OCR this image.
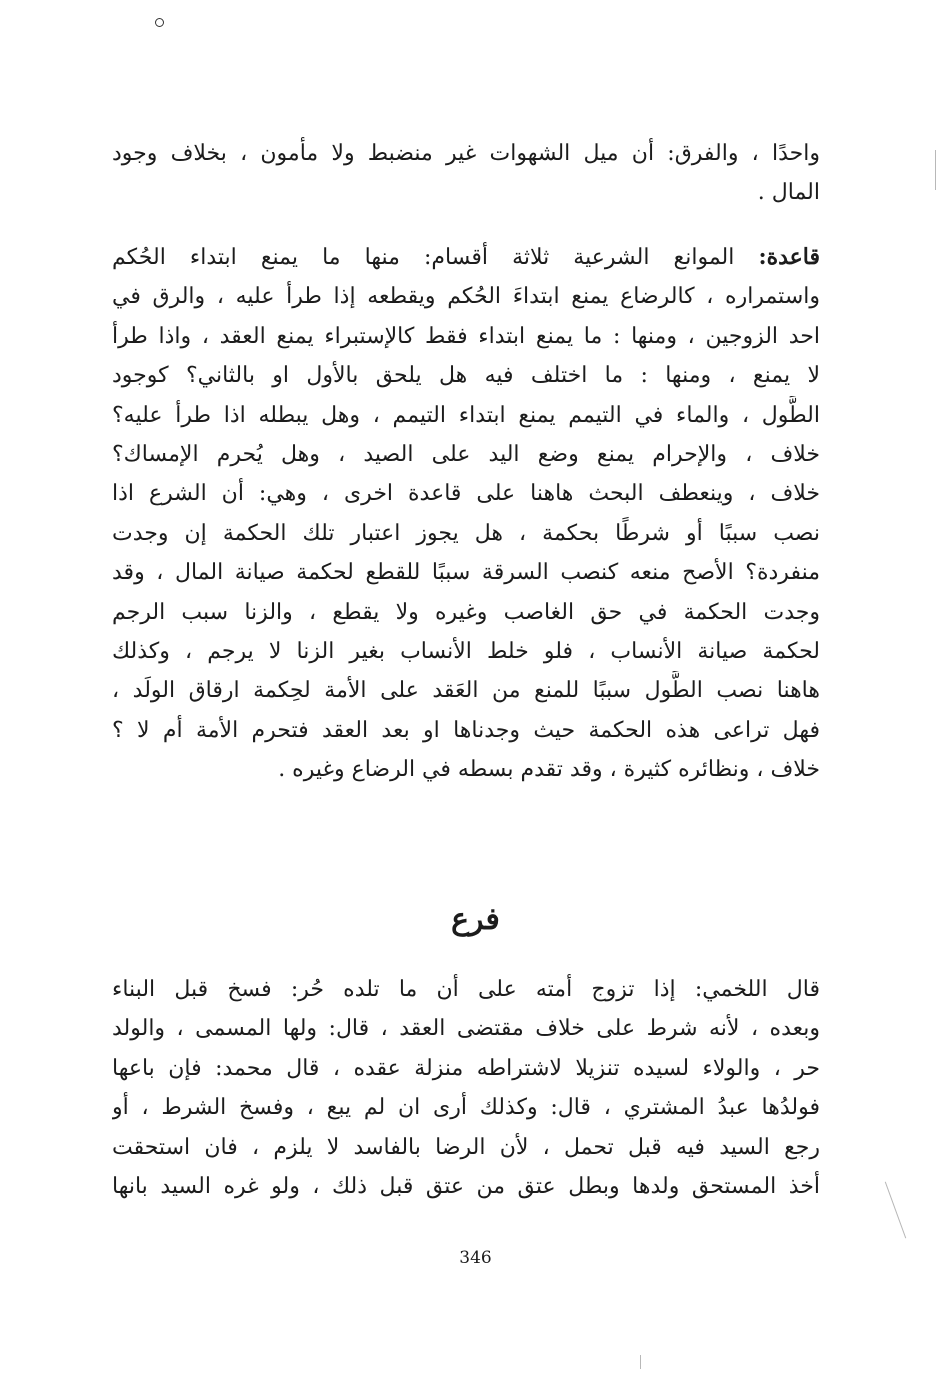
واحدًا ، والفرق: أن ميل الشهوات غير منضبط ولا مأمون ، بخلاف وجود
المال .

قاعدة: الموانع الشرعية ثلاثة أقسام: منها ما يمنع ابتداء الحُكم
واستمراره ، كالرضاع يمنع ابتداءَ الحُكم ويقطعه إذا طرأ عليه ، والرق في
احد الزوجين ، ومنها : ما يمنع ابتداء فقط كالإستبراء يمنع العقد ، واذا طرأ
لا يمنع ، ومنها : ما اختلف فيه هل يلحق بالأول او بالثاني؟ كوجود
الطَّول ، والماء في التيمم يمنع ابتداء التيمم ، وهل يبطله اذا طرأ عليه؟
خلاف ، والإحرام يمنع وضع اليد على الصيد ، وهل يُحرم الإمساك؟
خلاف ، وينعطف البحث هاهنا على قاعدة اخرى ، وهي: أن الشرع اذا
نصب سببًا أو شرطًا بحكمة ، هل يجوز اعتبار تلك الحكمة إن وجدت
منفردة؟ الأصح منعه كنصب السرقة سببًا للقطع لحكمة صيانة المال ، وقد
وجدت الحكمة في حق الغاصب وغيره ولا يقطع ، والزنا سبب الرجم
لحكمة صيانة الأنساب ، فلو خلط الأنساب بغير الزنا لا يرجم ، وكذلك
هاهنا نصب الطَّول سببًا للمنع من العَقد على الأمة لحِكمة ارقاق الولَد ،
فهل تراعى هذه الحكمة حيث وجدناها او بعد العقد فتحرم الأمة أم لا ؟
خلاف ، ونظائره كثيرة ، وقد تقدم بسطه في الرضاع وغيره .

فرع

قال اللخمي: إذا تزوج أمته على أن ما تلده حُر: فسخ قبل البناء
وبعده ، لأنه شرط على خلاف مقتضى العقد ، قال: ولها المسمى ، والولد
حر ، والولاء لسيده تنزيلا لاشتراطه منزلة عقده ، قال محمد: فإن باعها
فولدُها عبدُ المشتري ، قال: وكذلك أرى ان لم يبع ، وفسخ الشرط ، أو
رجع السيد فيه قبل تحمل ، لأن الرضا بالفاسد لا يلزم ، فان استحقت
أخذ المستحق ولدها وبطل عتق من عتق قبل ذلك ، ولو غره السيد بانها

346
